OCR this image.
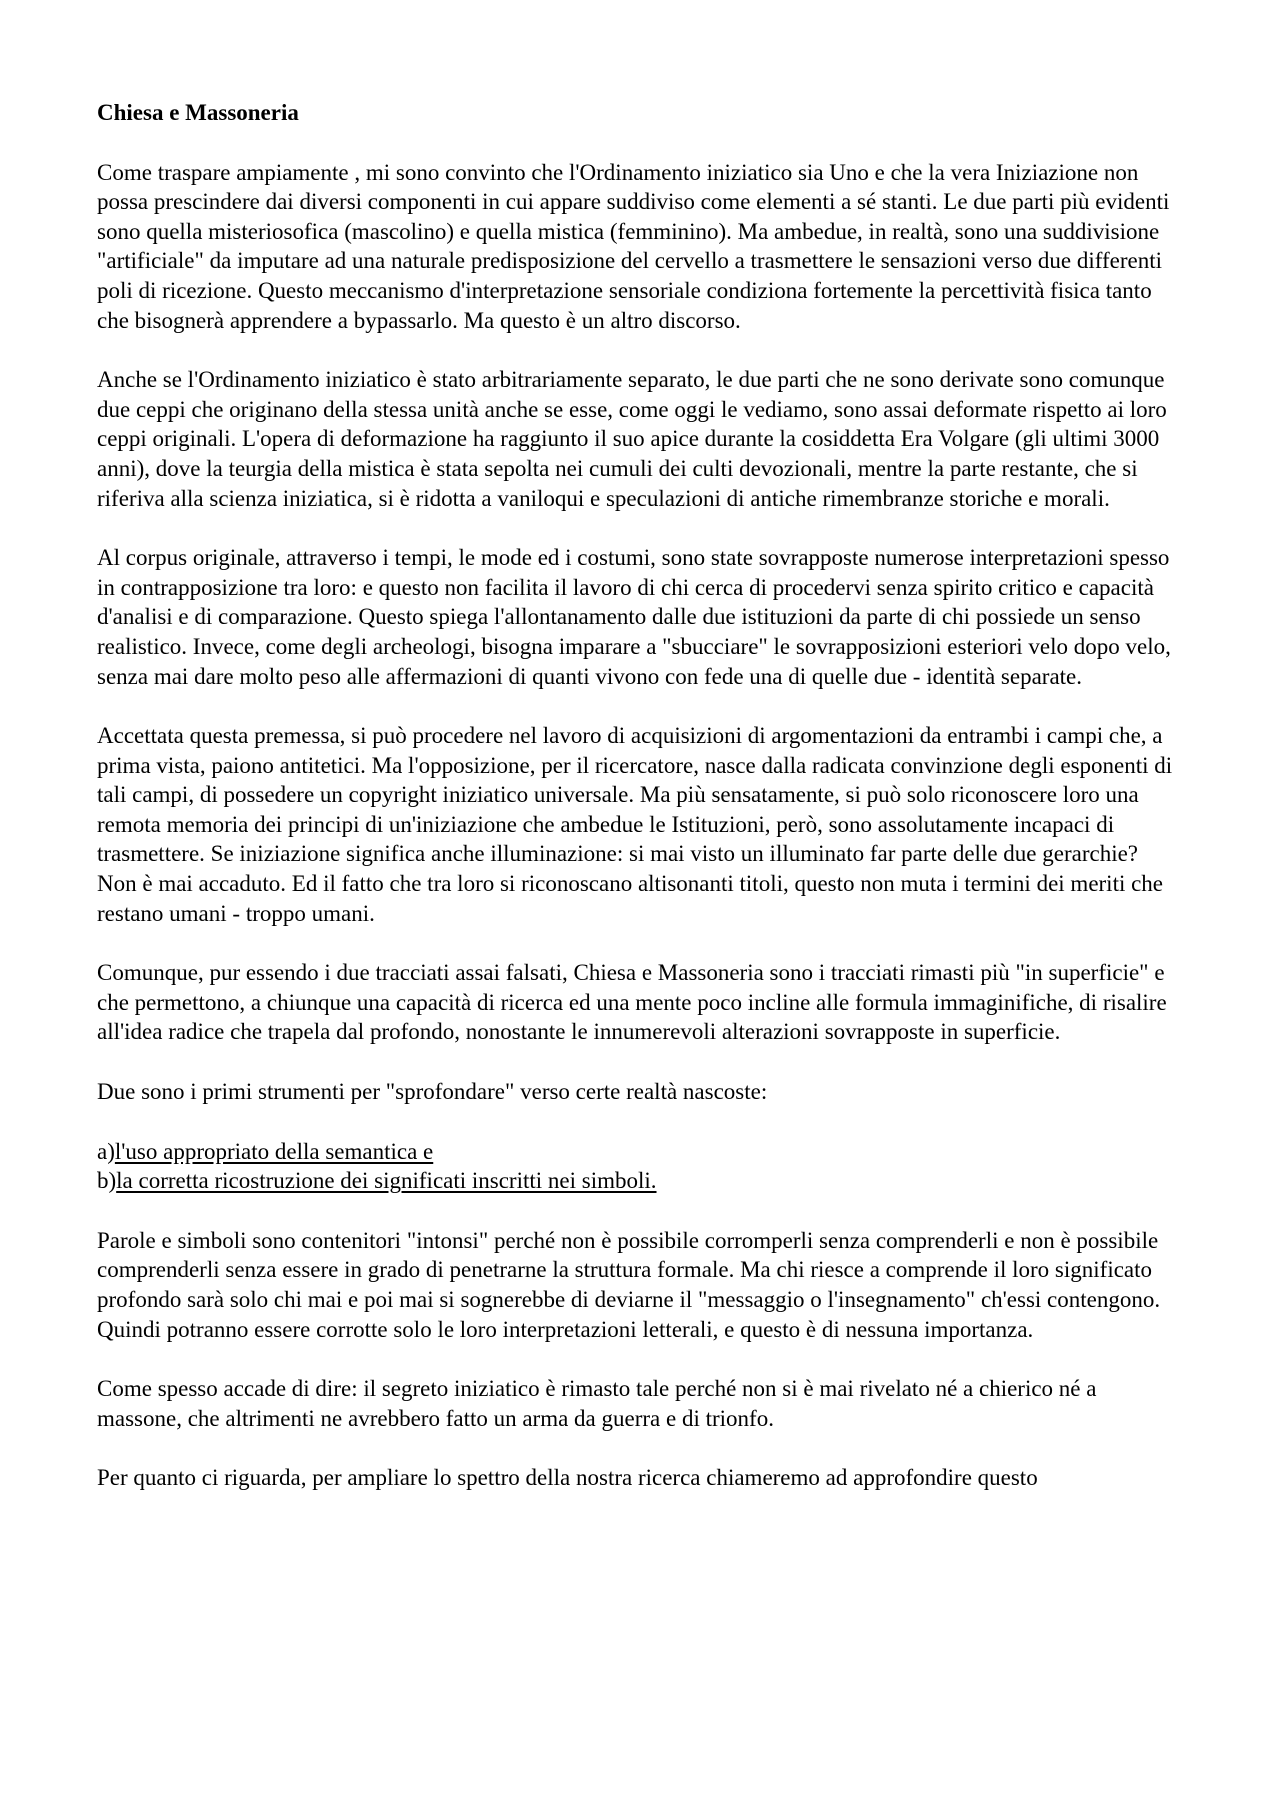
Chiesa e Massoneria

Come traspare ampiamente , mi sono convinto che l'Ordinamento iniziatico sia Uno e che la vera Iniziazione non possa prescindere dai diversi componenti in cui appare suddiviso come elementi a sé stanti. Le due parti più evidenti sono quella misteriosofica (mascolino) e quella mistica (femminino). Ma ambedue, in realtà, sono una suddivisione "artificiale" da imputare ad una naturale predisposizione del cervello a trasmettere le sensazioni verso due differenti poli di ricezione. Questo meccanismo d'interpretazione sensoriale condiziona fortemente la percettività fisica tanto che bisognerà apprendere a bypassarlo. Ma questo è un altro discorso.

Anche se l'Ordinamento iniziatico è stato arbitrariamente separato, le due parti che ne sono derivate sono comunque due ceppi che originano della stessa unità anche se esse, come oggi le vediamo, sono assai deformate rispetto ai loro ceppi originali. L'opera di deformazione ha raggiunto il suo apice durante la cosiddetta Era Volgare (gli ultimi 3000 anni), dove la teurgia della mistica è stata sepolta nei cumuli dei culti devozionali, mentre la parte restante, che si riferiva alla scienza iniziatica, si è ridotta a vaniloqui e speculazioni di antiche rimembranze storiche e morali.

Al corpus originale, attraverso i tempi, le mode ed i costumi, sono state sovrapposte numerose interpretazioni spesso in contrapposizione tra loro: e questo non facilita il lavoro di chi cerca di procedervi senza spirito critico e capacità d'analisi e di comparazione. Questo spiega l'allontanamento dalle due istituzioni da parte di chi possiede un senso realistico. Invece, come degli archeologi, bisogna imparare a "sbucciare" le sovrapposizioni esteriori velo dopo velo, senza mai dare molto peso alle affermazioni di quanti vivono con fede una di quelle due - identità separate.

Accettata questa premessa, si può procedere nel lavoro di acquisizioni di argomentazioni da entrambi i campi che, a prima vista, paiono antitetici. Ma l'opposizione, per il ricercatore, nasce dalla radicata convinzione degli esponenti di tali campi, di possedere un copyright iniziatico universale. Ma più sensatamente, si può solo riconoscere loro una remota memoria dei principi di un'iniziazione che ambedue le Istituzioni, però, sono assolutamente incapaci di trasmettere. Se iniziazione significa anche illuminazione: si mai visto un illuminato far parte delle due gerarchie? Non è mai accaduto. Ed il fatto che tra loro si riconoscano altisonanti titoli, questo non muta i termini dei meriti che restano umani - troppo umani.

Comunque, pur essendo i due tracciati assai falsati, Chiesa e Massoneria sono i tracciati rimasti più "in superficie" e che permettono, a chiunque una capacità di ricerca ed una mente poco incline alle formula immaginifiche, di risalire all'idea radice che trapela dal profondo, nonostante le innumerevoli alterazioni sovrapposte in superficie.

Due sono i primi strumenti per "sprofondare" verso certe realtà nascoste:

a)l'uso appropriato della semantica e
b)la corretta ricostruzione dei significati inscritti nei simboli.

Parole e simboli sono contenitori "intonsi" perché non è possibile corromperli senza comprenderli e non è possibile comprenderli senza essere in grado di penetrarne la struttura formale. Ma chi riesce a comprende il loro significato profondo sarà solo chi mai e poi mai si sognerebbe di deviarne il "messaggio o l'insegnamento" ch'essi contengono. Quindi potranno essere corrotte solo le loro interpretazioni letterali, e questo è di nessuna importanza.

Come spesso accade di dire: il segreto iniziatico è rimasto tale perché non si è mai rivelato né a chierico né a massone, che altrimenti ne avrebbero fatto un arma da guerra e di trionfo.

Per quanto ci riguarda, per ampliare lo spettro della nostra ricerca chiameremo ad approfondire questo
